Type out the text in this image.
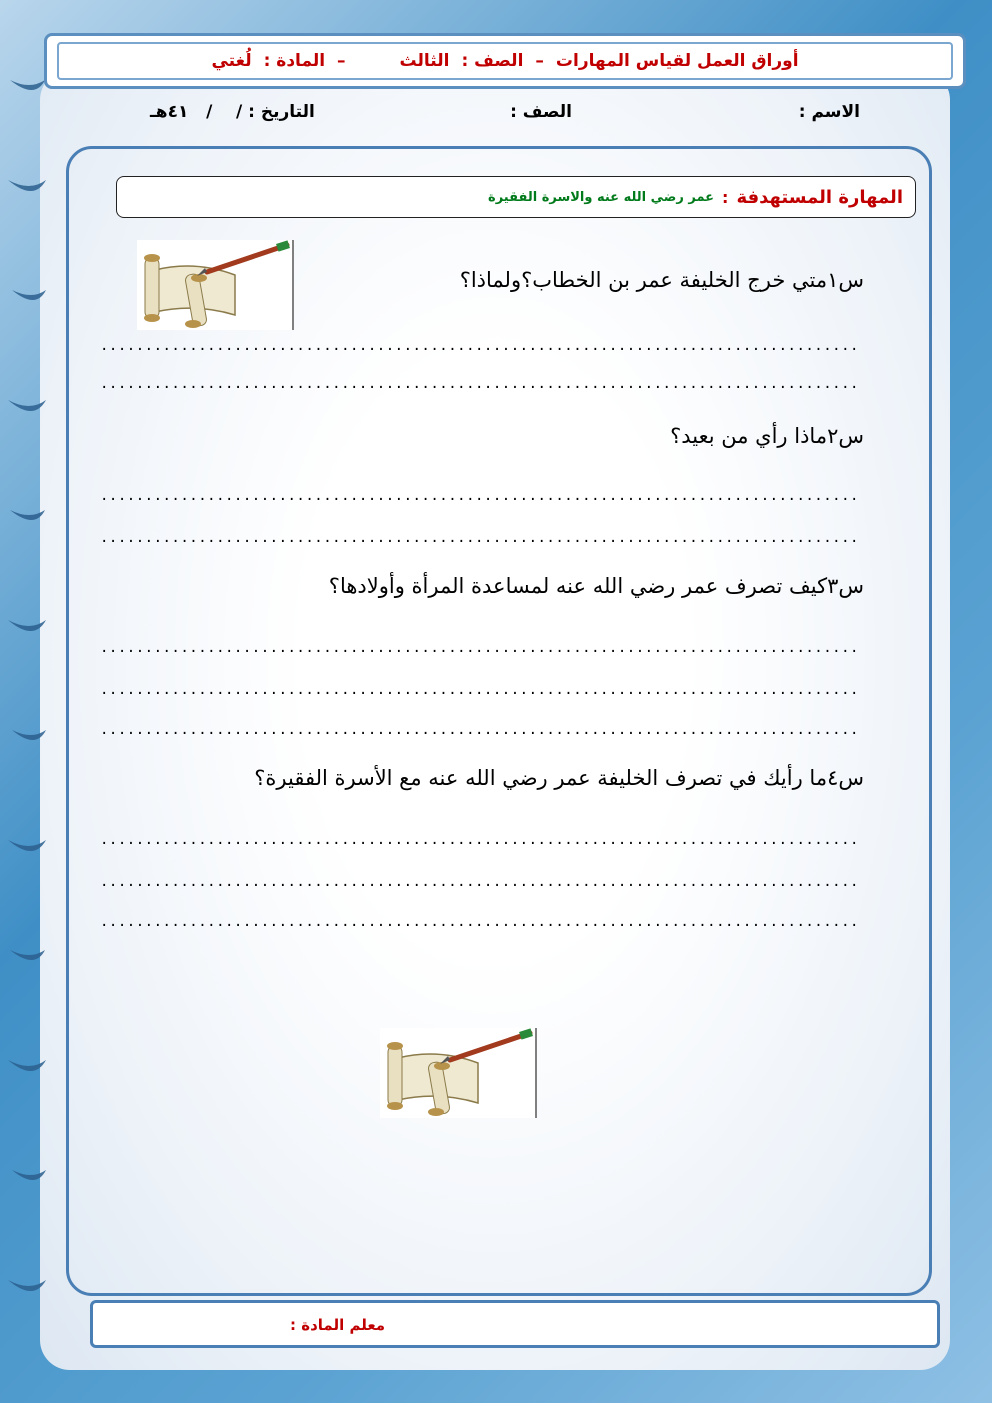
أوراق العمل لقياس المهارات
–
الصف :
الثالث
–
المادة :
لُغتي
الاسم :
الصف :
التاريخ : /    /   ٤١هـ
المهارة المستهدفة
:
عمر رضي الله عنه والاسرة الفقيرة
س١متي خرج الخليفة عمر بن الخطاب؟ولماذا؟
.....
.....
س٢ماذا رأي من بعيد؟
.....
.....
س٣كيف تصرف عمر رضي الله عنه لمساعدة المرأة وأولادها؟
.....
.....
.....
س٤ما رأيك في تصرف الخليفة عمر رضي الله عنه مع الأسرة الفقيرة؟
.....
.....
.....
معلم المادة :
